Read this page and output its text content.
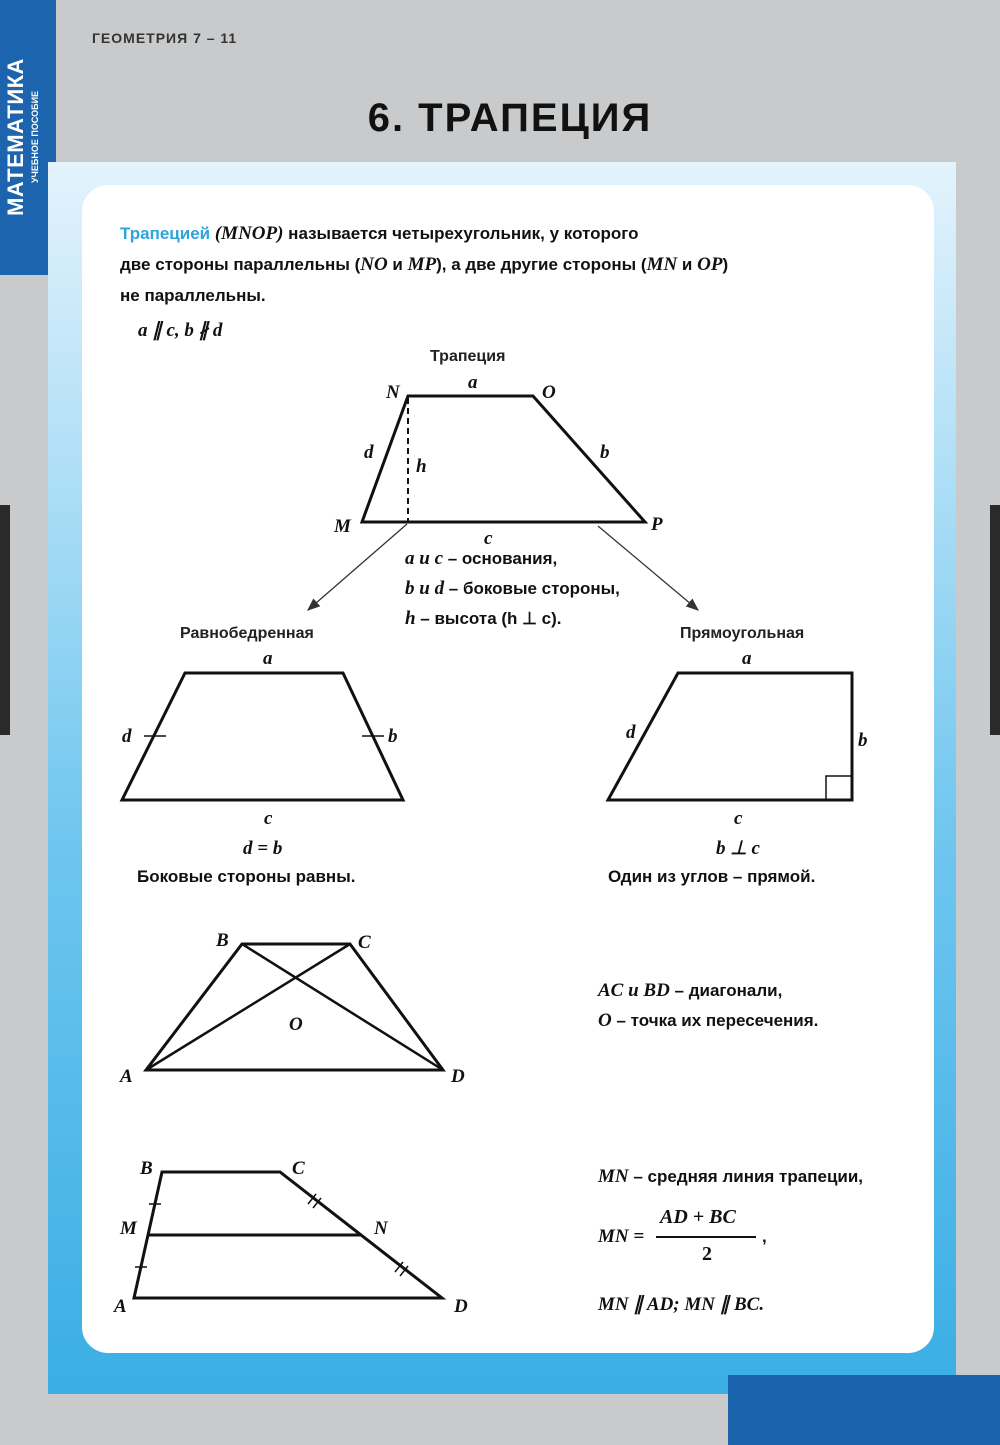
МАТЕМАТИКА УЧЕБНОЕ ПОСОБИЕ
ГЕОМЕТРИЯ 7 – 11
6. ТРАПЕЦИЯ
Трапецией (MNOP) называется четырехугольник, у которого
две стороны параллельны (NO и MP), а две другие стороны (MN и OP)
не параллельны.
a ∥ c, b ∦ d
Трапеция
a и c – основания,
b и d – боковые стороны,
h – высота (h ⊥ c).
Равнобедренная	Прямоугольная
d = b
Боковые стороны равны.
b ⊥ c
Один из углов – прямой.
AC и BD – диагонали,
O – точка их пересечения.
MN – средняя линия трапеции,
MN =
AD + BC
2
,
MN ∥ AD; MN ∥ BC.
N	O
M	P
a
b
c
d
h
a
b
c
d
a
b
c
d
A
B	C
D
O
A
B	C
D
M	N
